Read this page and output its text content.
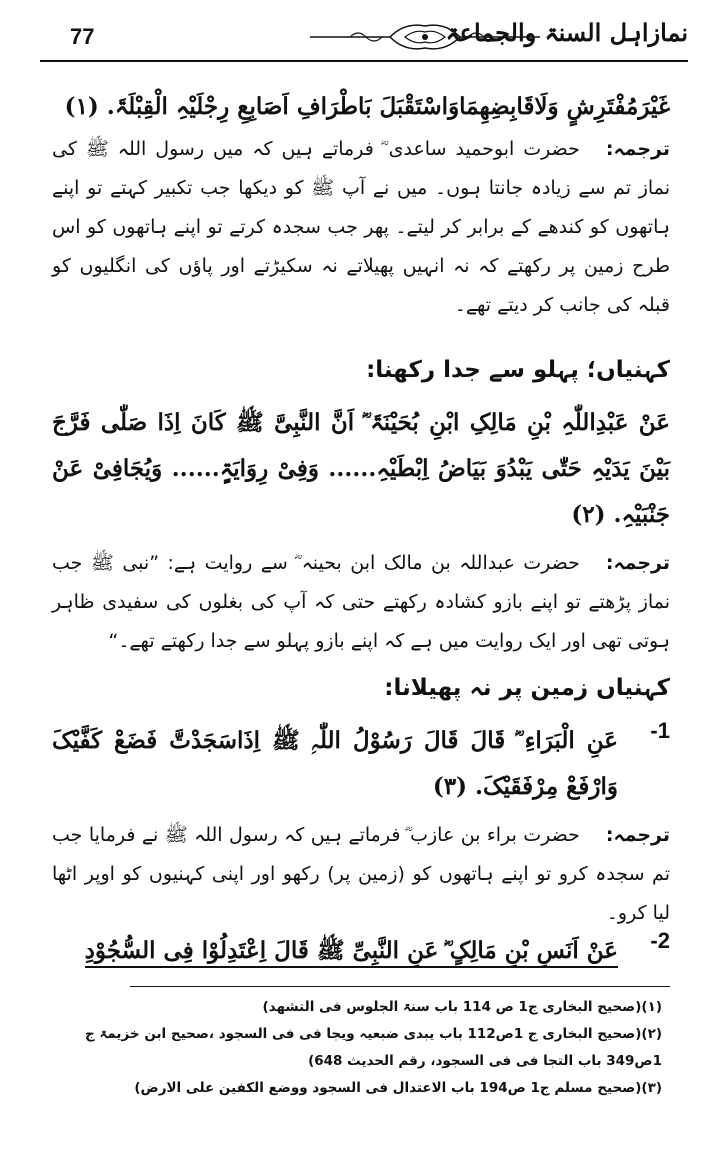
77	نمازاہل السنۃ والجماعۃ

غَیْرَمُفْتَرِشٍ وَلَاقَابِضِھِمَاوَاسْتَقْبَلَ بَاطْرَافِ اَصَابِعِ رِجْلَیْہِ الْقِبْلَۃَ. (١)

ترجمہ:حضرت ابوحمید ساعدی ؓ فرماتے ہیں کہ میں رسول اللہ ﷺ کی نماز تم سے زیادہ جانتا ہوں۔ میں نے آپ ﷺ کو دیکھا جب تکبیر کہتے تو اپنے ہاتھوں کو کندھے کے برابر کر لیتے۔ پھر جب سجدہ کرتے تو اپنے ہاتھوں کو اس طرح زمین پر رکھتے کہ نہ انہیں پھیلاتے نہ سکیڑتے اور پاؤں کی انگلیوں کو قبلہ کی جانب کر دیتے تھے۔

کہنیاں؛ پہلو سے جدا رکھنا:

عَنْ عَبْدِاللّٰہِ بْنِ مَالِکِ ابْنِ بُحَیْنَۃَ ؓ اَنَّ النَّبِیَّ ﷺ کَانَ اِذَا صَلّٰی فَرَّجَ بَیْنَ یَدَیْہِ حَتّٰی یَبْدُوَ بَیَاضُ اِبْطَیْہِ...... وَفِیْ رِوَایَۃٍ...... وَیُجَافِیْ عَنْ جَنْبَیْہِ. (٢)

ترجمہ:حضرت عبداللہ بن مالک ابن بحینہ ؓ سے روایت ہے: ”نبی ﷺ جب نماز پڑھتے تو اپنے بازو کشادہ رکھتے حتی کہ آپ کی بغلوں کی سفیدی ظاہر ہوتی تھی اور ایک روایت میں ہے کہ اپنے بازو پہلو سے جدا رکھتے تھے۔“

کہنیاں زمین پر نہ پھیلانا:

1-
عَنِ الْبَرَاءِ ؓ قَالَ قَالَ رَسُوْلُ اللّٰہِ ﷺ اِذَاسَجَدْتَّ فَضَعْ کَفَّیْکَ وَارْفَعْ مِرْفَقَیْکَ. (٣)

ترجمہ:حضرت براء بن عازب ؓ فرماتے ہیں کہ رسول اللہ ﷺ نے فرمایا جب تم سجدہ کرو تو اپنے ہاتھوں کو (زمین پر) رکھو اور اپنی کہنیوں کو اوپر اٹھا لیا کرو۔

2-
عَنْ اَنَسِ بْنِ مَالِکٍ ؓ عَنِ النَّبِیِّ ﷺ قَالَ اِعْتَدِلُوْا فِی السُّجُوْدِ

(١)(صحیح البخاری ج1 ص 114 باب سنۃ الجلوس فی التشھد)

(٢)(صحیح البخاری ج 1ص112 باب یبدی ضبعیہ ویجا فی فی السجود ،صحیح ابن خزیمۃ ج 1ص349 باب التجا فی فی السجود، رقم الحدیث 648)

(٣)(صحیح مسلم ج1 ص194 باب الاعتدال فی السجود ووضع الکفین علی الارض)
